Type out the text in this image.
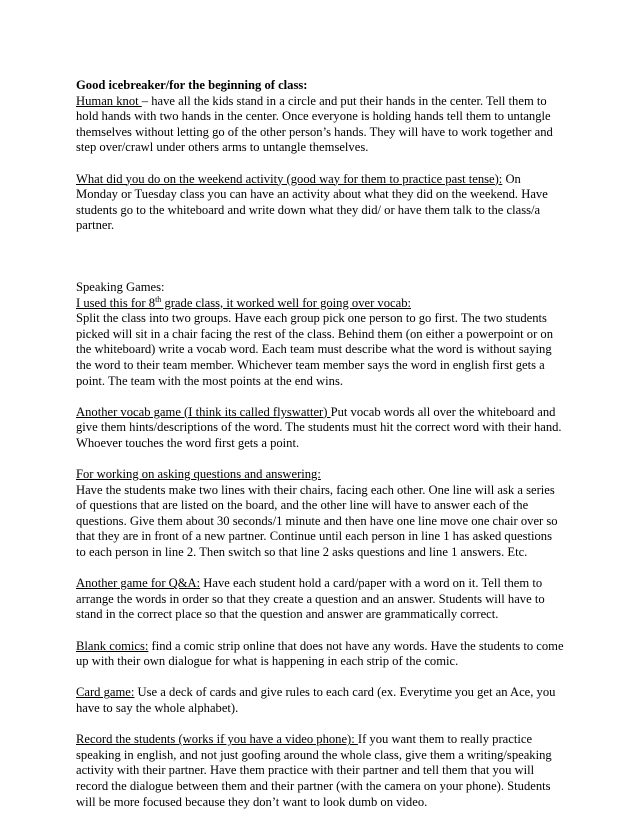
Good icebreaker/for the beginning of class:

Human knot – have all the kids stand in a circle and put their hands in the center. Tell them to hold hands with two hands in the center. Once everyone is holding hands tell them to untangle themselves without letting go of the other person’s hands. They will have to work together and step over/crawl under others arms to untangle themselves.

What did you do on the weekend activity (good way for them to practice past tense): On Monday or Tuesday class you can have an activity about what they did on the weekend. Have students go to the whiteboard and write down what they did/ or have them talk to the class/a partner.

Speaking Games:

I used this for 8th grade class, it worked well for going over vocab:

Split the class into two groups. Have each group pick one person to go first. The two students picked will sit in a chair facing the rest of the class. Behind them (on either a powerpoint or on the whiteboard) write a vocab word. Each team must describe what the word is without saying the word to their team member. Whichever team member says the word in english first gets a point. The team with the most points at the end wins.

Another vocab game (I think its called flyswatter) Put vocab words all over the whiteboard and give them hints/descriptions of the word. The students must hit the correct word with their hand. Whoever touches the word first gets a point.

For working on asking questions and answering:

Have the students make two lines with their chairs, facing each other. One line will ask a series of questions that are listed on the board, and the other line will have to answer each of the questions. Give them about 30 seconds/1 minute and then have one line move one chair over so that they are in front of a new partner. Continue until each person in line 1 has asked questions to each person in line 2. Then switch so that line 2 asks questions and line 1 answers. Etc.

Another game for Q&A: Have each student hold a card/paper with a word on it. Tell them to arrange the words in order so that they create a question and an answer. Students will have to stand in the correct place so that the question and answer are grammatically correct.

Blank comics: find a comic strip online that does not have any words. Have the students to come up with their own dialogue for what is happening in each strip of the comic.

Card game: Use a deck of cards and give rules to each card (ex. Everytime you get an Ace, you have to say the whole alphabet).

Record the students (works if you have a video phone): If you want them to really practice speaking in english, and not just goofing around the whole class, give them a writing/speaking activity with their partner. Have them practice with their partner and tell them that you will record the dialogue between them and their partner (with the camera on your phone). Students will be more focused because they don’t want to look dumb on video.
